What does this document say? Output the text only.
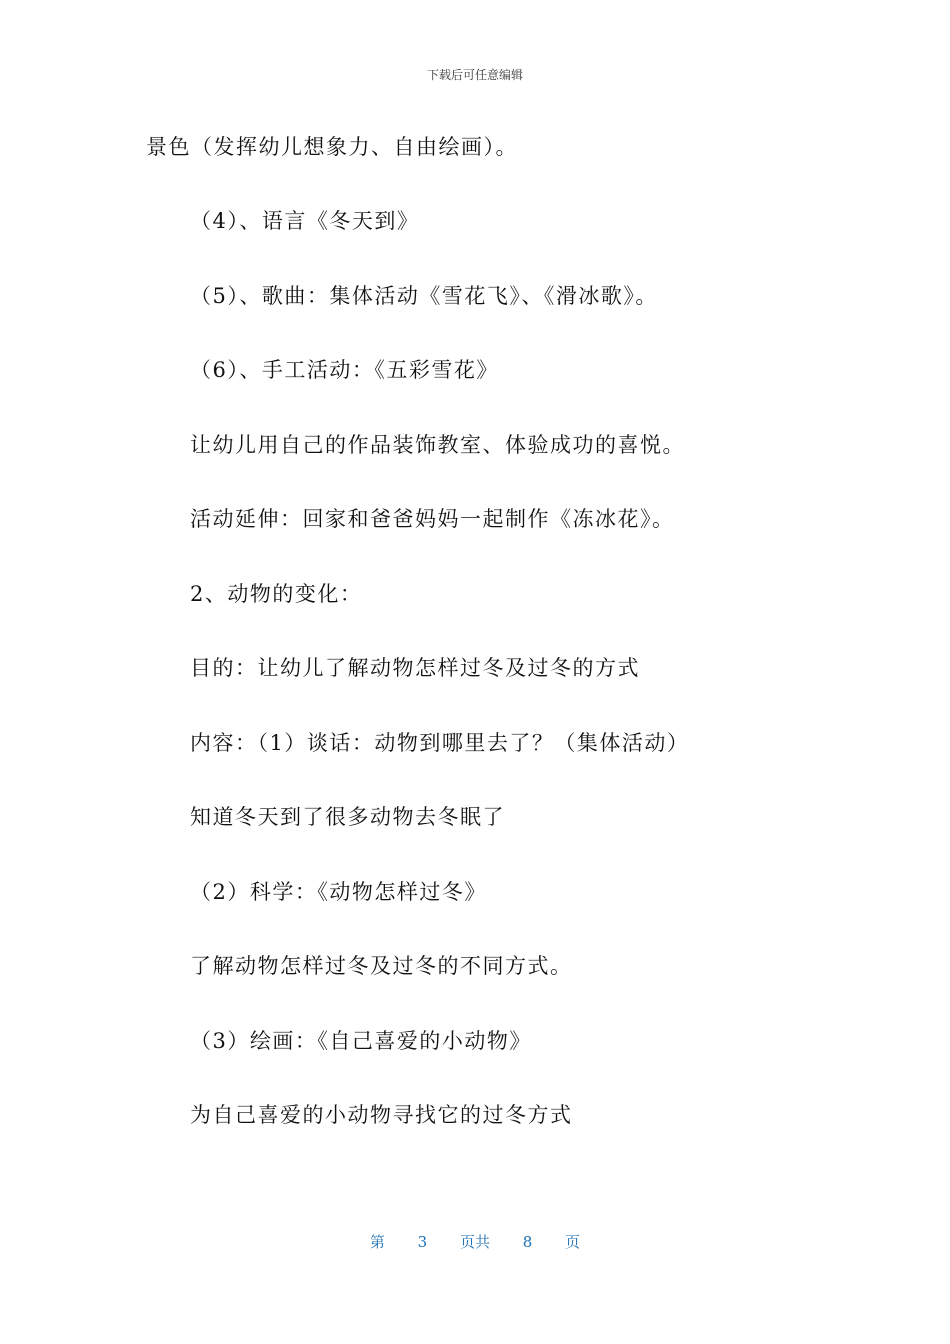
下载后可任意编辑
景色（发挥幼儿想象力、自由绘画）。
（4）、语言《冬天到》
（5）、歌曲：集体活动《雪花飞》、《滑冰歌》。
（6）、手工活动：《五彩雪花》
让幼儿用自己的作品装饰教室、体验成功的喜悦。
活动延伸：回家和爸爸妈妈一起制作《冻冰花》。
2、动物的变化：
目的：让幼儿了解动物怎样过冬及过冬的方式
内容：（1）谈话：动物到哪里去了？（集体活动）
知道冬天到了很多动物去冬眠了
（2）科学：《动物怎样过冬》
了解动物怎样过冬及过冬的不同方式。
（3）绘画：《自己喜爱的小动物》
为自己喜爱的小动物寻找它的过冬方式
第 3 页共 8 页
